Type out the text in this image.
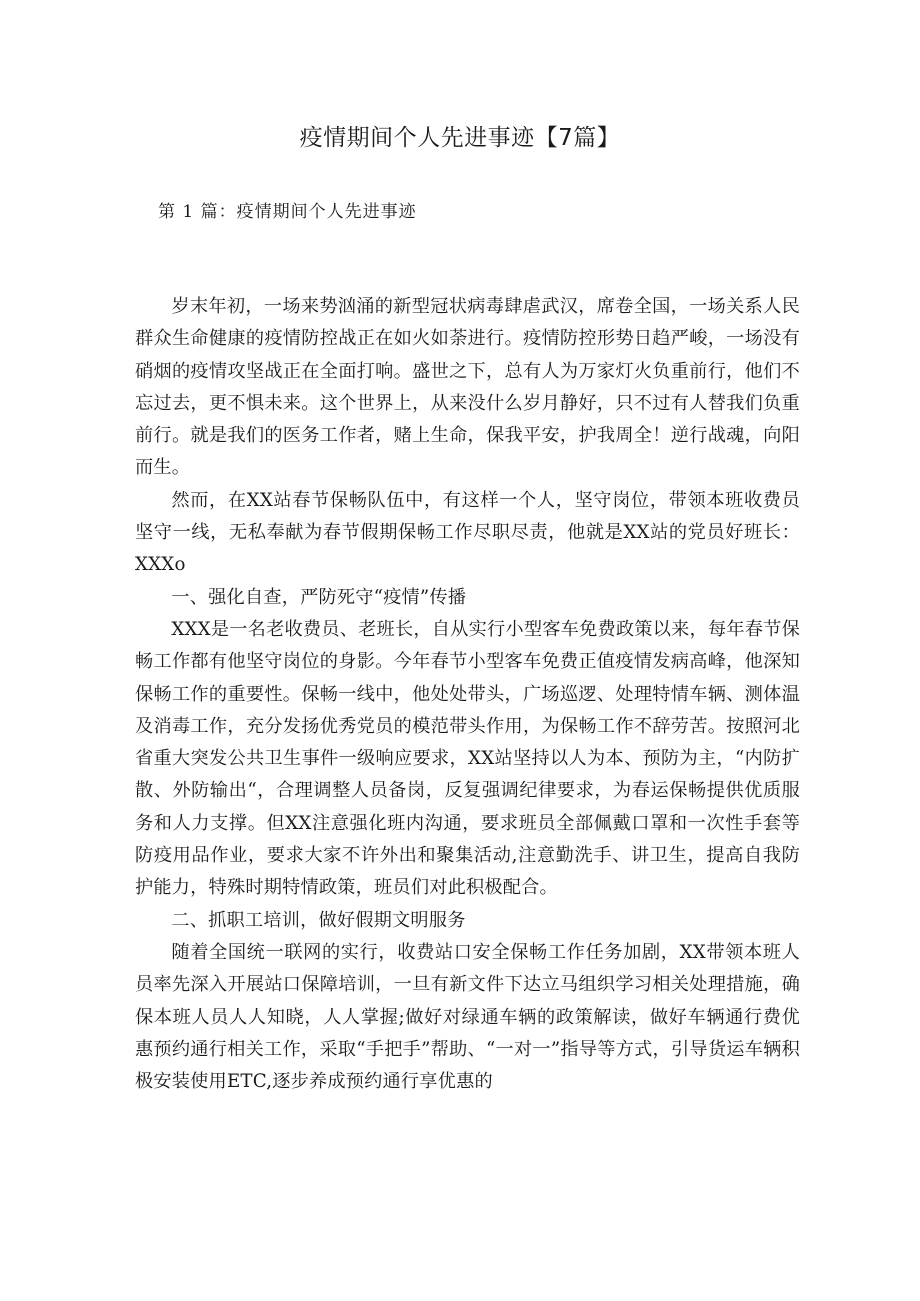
疫情期间个人先进事迹【7篇】
第 1 篇：疫情期间个人先进事迹

岁末年初，一场来势汹涌的新型冠状病毒肆虐武汉，席卷全国，一场关系人民群众生命健康的疫情防控战正在如火如荼进行。疫情防控形势日趋严峻，一场没有硝烟的疫情攻坚战正在全面打响。盛世之下，总有人为万家灯火负重前行，他们不忘过去，更不惧未来。这个世界上，从来没什么岁月静好，只不过有人替我们负重前行。就是我们的医务工作者，赌上生命，保我平安，护我周全！逆行战魂，向阳而生。

然而，在XX站春节保畅队伍中，有这样一个人，坚守岗位，带领本班收费员坚守一线，无私奉献为春节假期保畅工作尽职尽责，他就是XX站的党员好班长：XXXo

一、强化自查，严防死守“疫情”传播

XXX是一名老收费员、老班长，自从实行小型客车免费政策以来，每年春节保畅工作都有他坚守岗位的身影。今年春节小型客车免费正值疫情发病高峰，他深知保畅工作的重要性。保畅一线中，他处处带头，广场巡逻、处理特情车辆、测体温及消毒工作，充分发扬优秀党员的模范带头作用，为保畅工作不辞劳苦。按照河北省重大突发公共卫生事件一级响应要求，XX站坚持以人为本、预防为主，“内防扩散、外防输出“，合理调整人员备岗，反复强调纪律要求，为春运保畅提供优质服务和人力支撑。但XX注意强化班内沟通，要求班员全部佩戴口罩和一次性手套等防疫用品作业，要求大家不许外出和聚集活动,注意勤洗手、讲卫生，提高自我防护能力，特殊时期特情政策，班员们对此积极配合。

二、抓职工培训，做好假期文明服务

随着全国统一联网的实行，收费站口安全保畅工作任务加剧，XX带领本班人员率先深入开展站口保障培训，一旦有新文件下达立马组织学习相关处理措施，确保本班人员人人知晓，人人掌握;做好对绿通车辆的政策解读，做好车辆通行费优惠预约通行相关工作，采取“手把手”帮助、“一对一”指导等方式，引导货运车辆积极安装使用ETC,逐步养成预约通行享优惠的
